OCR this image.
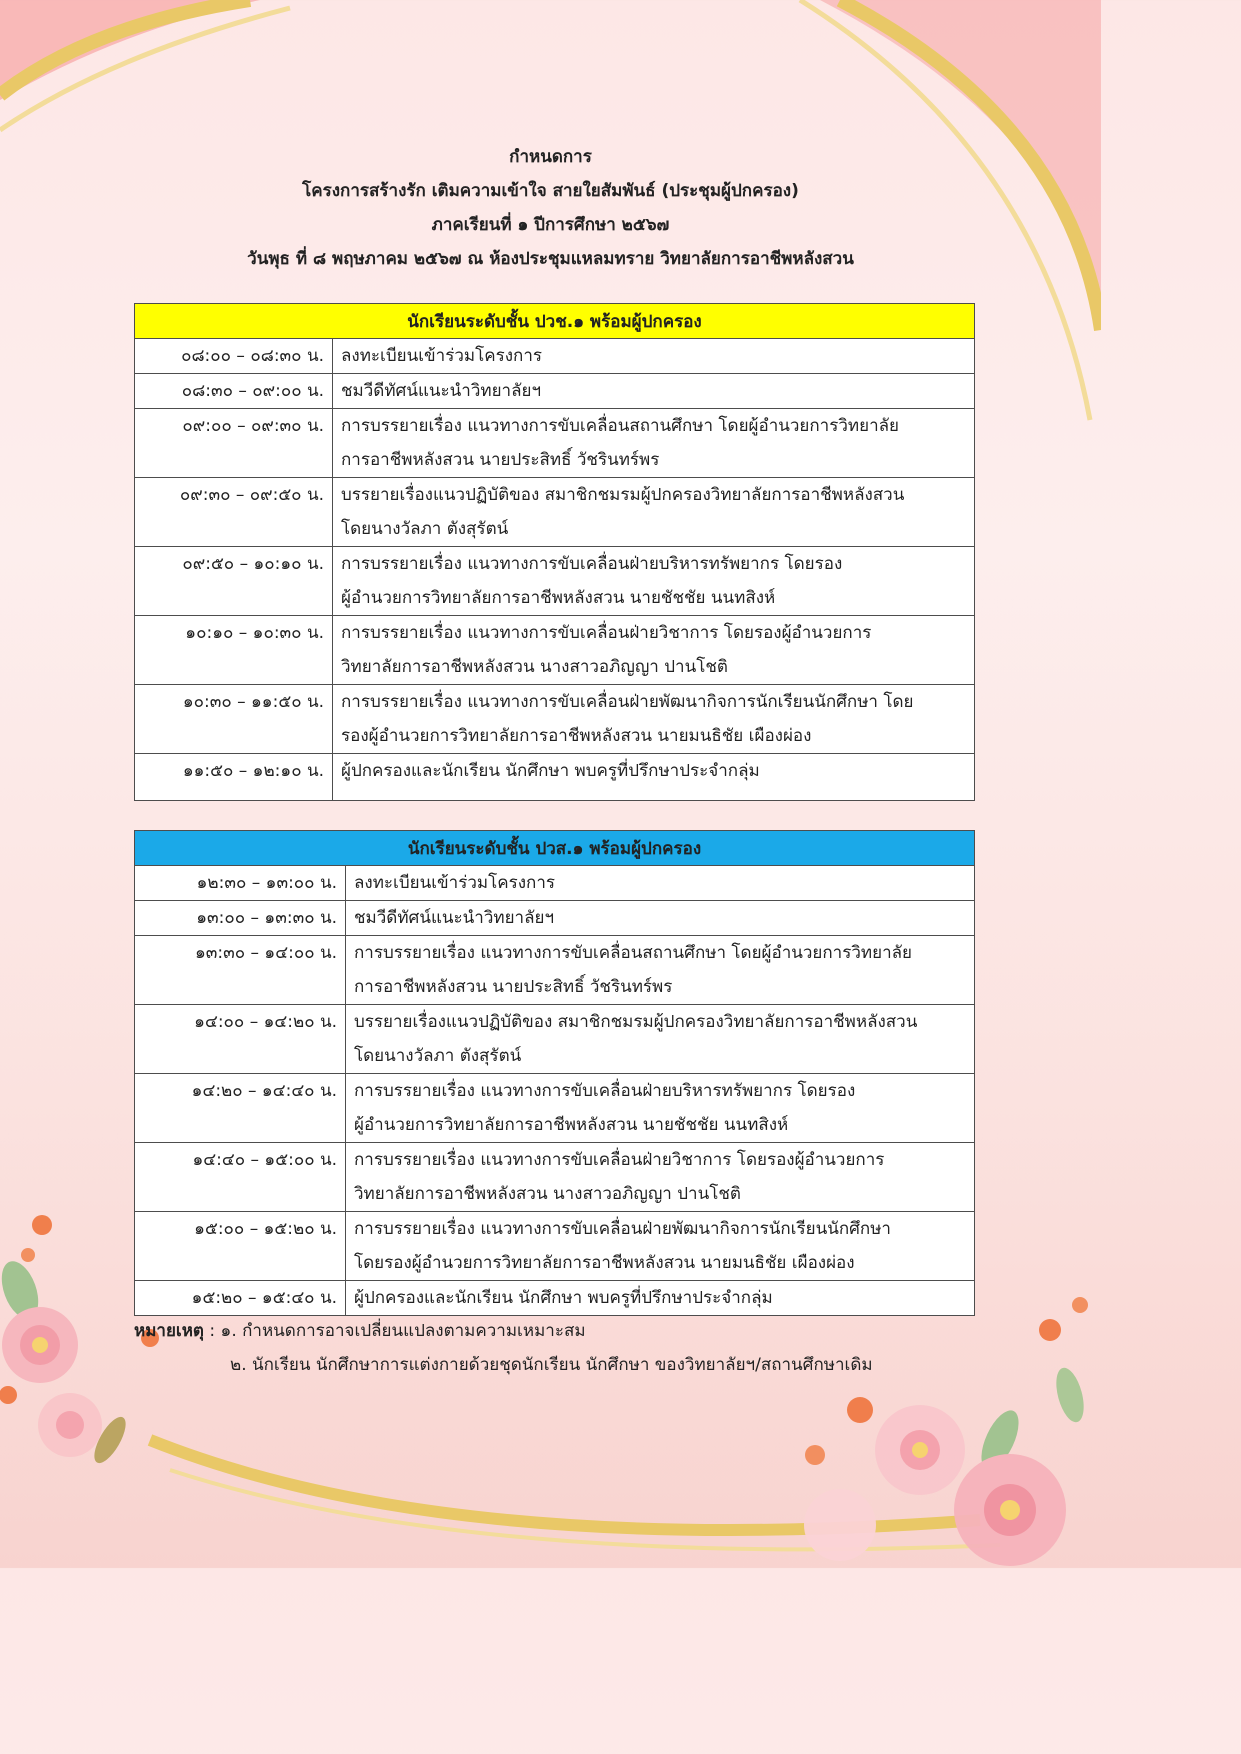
กำหนดการ
โครงการสร้างรัก เติมความเข้าใจ สายใยสัมพันธ์ (ประชุมผู้ปกครอง)
ภาคเรียนที่ ๑ ปีการศึกษา ๒๕๖๗
วันพุธ ที่ ๘ พฤษภาคม ๒๕๖๗ ณ ห้องประชุมแหลมทราย วิทยาลัยการอาชีพหลังสวน
นักเรียนระดับชั้น ปวช.๑ พร้อมผู้ปกครอง	

๐๘:๐๐ – ๐๘:๓๐ น.	ลงทะเบียนเข้าร่วมโครงการ

๐๘:๓๐ – ๐๙:๐๐ น.	ชมวีดีทัศน์แนะนำวิทยาลัยฯ

๐๙:๐๐ – ๐๙:๓๐ น.	การบรรยายเรื่อง แนวทางการขับเคลื่อนสถานศึกษา โดยผู้อำนวยการวิทยาลัย
การอาชีพหลังสวน นายประสิทธิ์ วัชรินทร์พร

๐๙:๓๐ – ๐๙:๕๐ น.	บรรยายเรื่องแนวปฏิบัติของ สมาชิกชมรมผู้ปกครองวิทยาลัยการอาชีพหลังสวน
โดยนางวัลภา ตังสุรัตน์

๐๙:๕๐ – ๑๐:๑๐ น.	การบรรยายเรื่อง แนวทางการขับเคลื่อนฝ่ายบริหารทรัพยากร โดยรอง
ผู้อำนวยการวิทยาลัยการอาชีพหลังสวน นายชัชชัย นนทสิงห์

๑๐:๑๐ – ๑๐:๓๐ น.	การบรรยายเรื่อง แนวทางการขับเคลื่อนฝ่ายวิชาการ โดยรองผู้อำนวยการ
วิทยาลัยการอาชีพหลังสวน นางสาวอภิญญา ปานโชติ

๑๐:๓๐ – ๑๑:๕๐ น.	การบรรยายเรื่อง แนวทางการขับเคลื่อนฝ่ายพัฒนากิจการนักเรียนนักศึกษา โดย
รองผู้อำนวยการวิทยาลัยการอาชีพหลังสวน นายมนธิชัย เผืองผ่อง

๑๑:๕๐ – ๑๒:๑๐ น.	ผู้ปกครองและนักเรียน นักศึกษา พบครูที่ปรึกษาประจำกลุ่ม
นักเรียนระดับชั้น ปวส.๑ พร้อมผู้ปกครอง	

๑๒:๓๐ – ๑๓:๐๐ น.	ลงทะเบียนเข้าร่วมโครงการ

๑๓:๐๐ – ๑๓:๓๐ น.	ชมวีดีทัศน์แนะนำวิทยาลัยฯ

๑๓:๓๐ – ๑๔:๐๐ น.	การบรรยายเรื่อง แนวทางการขับเคลื่อนสถานศึกษา โดยผู้อำนวยการวิทยาลัย
การอาชีพหลังสวน นายประสิทธิ์ วัชรินทร์พร

๑๔:๐๐ – ๑๔:๒๐ น.	บรรยายเรื่องแนวปฏิบัติของ สมาชิกชมรมผู้ปกครองวิทยาลัยการอาชีพหลังสวน
โดยนางวัลภา ตังสุรัตน์

๑๔:๒๐ – ๑๔:๔๐ น.	การบรรยายเรื่อง แนวทางการขับเคลื่อนฝ่ายบริหารทรัพยากร โดยรอง
ผู้อำนวยการวิทยาลัยการอาชีพหลังสวน นายชัชชัย นนทสิงห์

๑๔:๔๐ – ๑๕:๐๐ น.	การบรรยายเรื่อง แนวทางการขับเคลื่อนฝ่ายวิชาการ โดยรองผู้อำนวยการ
วิทยาลัยการอาชีพหลังสวน นางสาวอภิญญา ปานโชติ

๑๕:๐๐ – ๑๕:๒๐ น.	การบรรยายเรื่อง แนวทางการขับเคลื่อนฝ่ายพัฒนากิจการนักเรียนนักศึกษา
โดยรองผู้อำนวยการวิทยาลัยการอาชีพหลังสวน นายมนธิชัย เผืองผ่อง

๑๕:๒๐ – ๑๕:๔๐ น.	ผู้ปกครองและนักเรียน นักศึกษา พบครูที่ปรึกษาประจำกลุ่ม
หมายเหตุ : ๑. กำหนดการอาจเปลี่ยนแปลงตามความเหมาะสม
๒. นักเรียน นักศึกษาการแต่งกายด้วยชุดนักเรียน นักศึกษา ของวิทยาลัยฯ/สถานศึกษาเดิม
